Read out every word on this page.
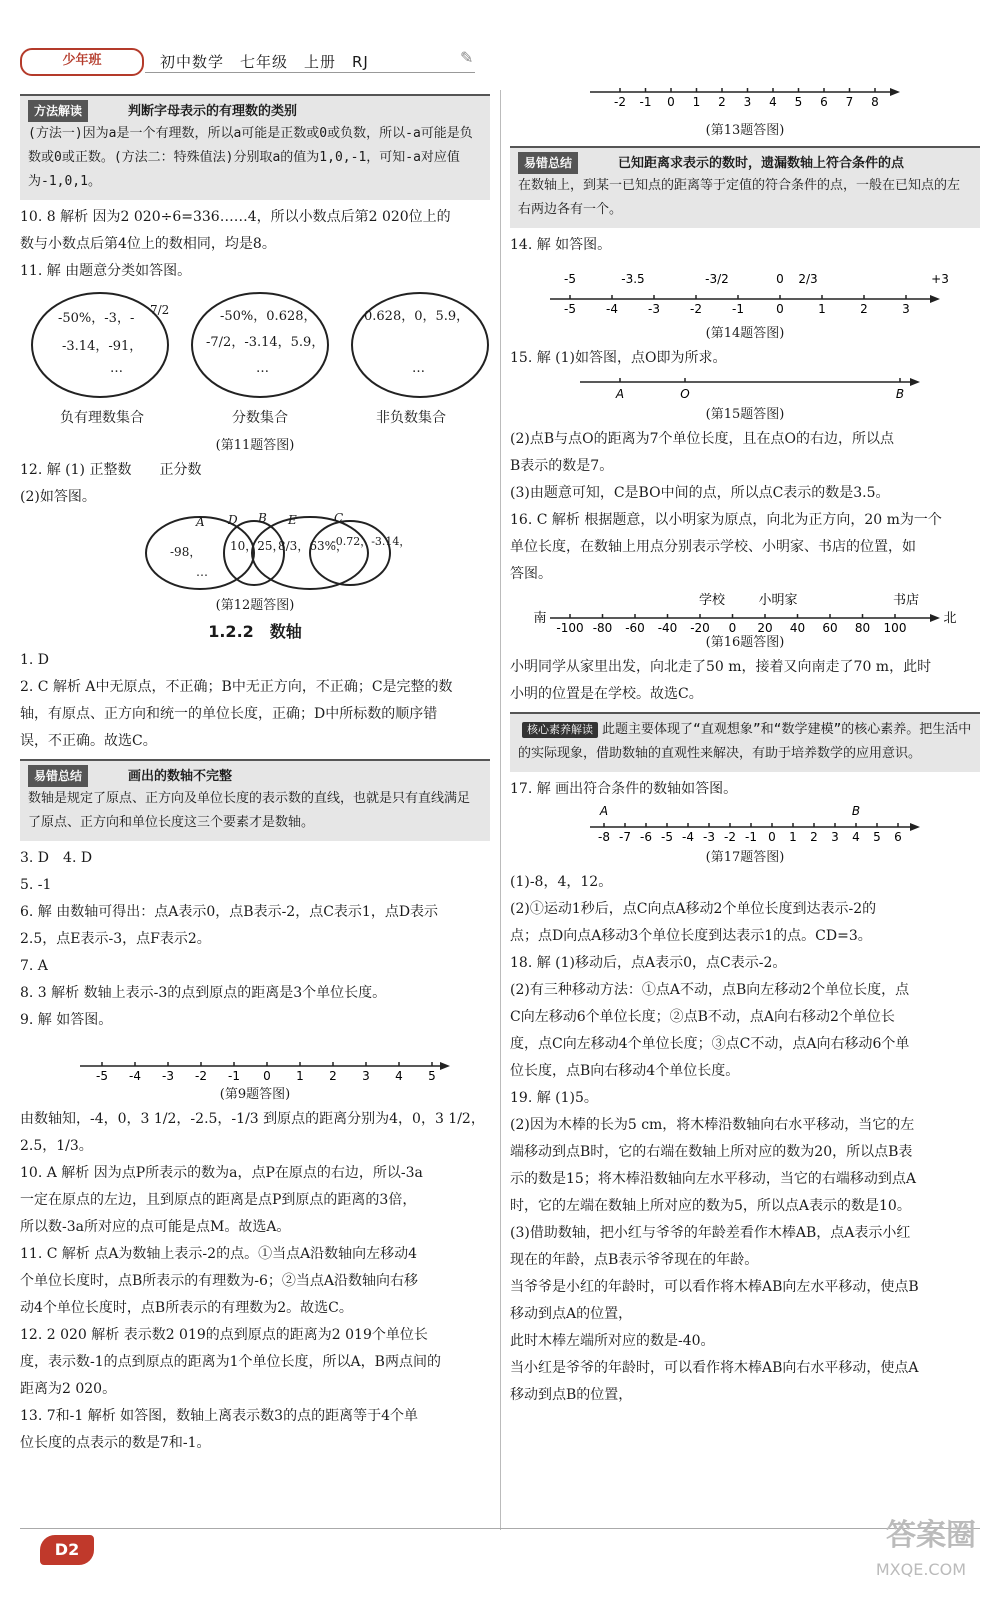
少年班	初中数学　七年级　上册　RJ	✎
方法解读	判断字母表示的有理数的类别
(方法一)因为a是一个有理数，所以a可能是正数或0或负数，所以-a可能是负数或0或正数。(方法二：特殊值法)分别取a的值为1,0,-1，可知-a对应值为-1,0,1。
10. 8 解析 因为2 020÷6=336……4，所以小数点后第2 020位上的
数与小数点后第4位上的数相同，均是8。
11. 解 由题意分类如答图。
-50%，-3，-
7/2
-3.14，-91，
…
-50%，0.628，
-7/2，-3.14，5.9，
…
0.628，0，5.9，
…
负有理数集合	分数集合	非负数集合
(第11题答图)
12. 解 (1) 正整数　　正分数
(2)如答图。
A D B E	C
-98， 10，25，
8/3，63%，
-0.72，-3.14，
…
(第12题答图)
1.2.2　数轴
1. D
2. C 解析 A中无原点，不正确；B中无正方向，不正确；C是完整的数
轴，有原点、正方向和统一的单位长度，正确；D中所标数的顺序错
误，不正确。故选C。
易错总结	画出的数轴不完整
数轴是规定了原点、正方向及单位长度的表示数的直线，也就是只有直线满足了原点、正方向和单位长度这三个要素才是数轴。
3. D　4. D
5. -1
6. 解 由数轴可得出：点A表示0，点B表示-2，点C表示1，点D表示
2.5，点E表示-3，点F表示2。
7. A
8. 3 解析 数轴上表示-3的点到原点的距离是3个单位长度。
9. 解 如答图。
-5 -4 -3 -2 -1 0 1 2 3 4 5
(第9题答图)
由数轴知，-4，0，3 1/2，-2.5，-1/3 到原点的距离分别为4，0，3 1/2，
2.5，1/3。
10. A 解析 因为点P所表示的数为a，点P在原点的右边，所以-3a
一定在原点的左边，且到原点的距离是点P到原点的距离的3倍，
所以数-3a所对应的点可能是点M。故选A。
11. C 解析 点A为数轴上表示-2的点。①当点A沿数轴向左移动4
个单位长度时，点B所表示的有理数为-6；②当点A沿数轴向右移
动4个单位长度时，点B所表示的有理数为2。故选C。
12. 2 020 解析 表示数2 019的点到原点的距离为2 019个单位长
度，表示数-1的点到原点的距离为1个单位长度，所以A，B两点间的
距离为2 020。
13. 7和-1 解析 如答图，数轴上离表示数3的点的距离等于4个单
位长度的点表示的数是7和-1。
-2 -1 0 1 2 3 4 5 6 7 8
(第13题答图)
易错总结	已知距离求表示的数时，遗漏数轴上符合条件的点
在数轴上，到某一已知点的距离等于定值的符合条件的点，一般在已知点的左右两边各有一个。
14. 解 如答图。
-5	-4	-3	-2	-1	0	1	2	3
-5	-3.5	-3/2	0 2/3	+3
(第14题答图)
15. 解 (1)如答图，点O即为所求。
A	O	B
(第15题答图)
(2)点B与点O的距离为7个单位长度，且在点O的右边，所以点
B表示的数是7。
(3)由题意可知，C是BO中间的点，所以点C表示的数是3.5。
16. C 解析 根据题意，以小明家为原点，向北为正方向，20 m为一个
单位长度，在数轴上用点分别表示学校、小明家、书店的位置，如
答图。
南	北
学校	小明家	书店
-100 -80 -60 -40 -20 0 20 40 60 80 100
(第16题答图)
小明同学从家里出发，向北走了50 m，接着又向南走了70 m，此时
小明的位置是在学校。故选C。
核心素养解读 此题主要体现了“直观想象”和“数学建模”的核心素养。把生活中的实际现象，借助数轴的直观性来解决，有助于培养数学的应用意识。
17. 解 画出符合条件的数轴如答图。
A	B
-8 -7 -6 -5 -4 -3 -2 -1 0 1 2 3 4 5 6
(第17题答图)
(1)-8，4，12。
(2)①运动1秒后，点C向点A移动2个单位长度到达表示-2的
点；点D向点A移动3个单位长度到达表示1的点。CD=3。
18. 解 (1)移动后，点A表示0，点C表示-2。
(2)有三种移动方法：①点A不动，点B向左移动2个单位长度，点
C向左移动6个单位长度；②点B不动，点A向右移动2个单位长
度，点C向左移动4个单位长度；③点C不动，点A向右移动6个单
位长度，点B向右移动4个单位长度。
19. 解 (1)5。
(2)因为木棒的长为5 cm，将木棒沿数轴向右水平移动，当它的左
端移动到点B时，它的右端在数轴上所对应的数为20，所以点B表
示的数是15；将木棒沿数轴向左水平移动，当它的右端移动到点A
时，它的左端在数轴上所对应的数为5，所以点A表示的数是10。
(3)借助数轴，把小红与爷爷的年龄差看作木棒AB，点A表示小红
现在的年龄，点B表示爷爷现在的年龄。
当爷爷是小红的年龄时，可以看作将木棒AB向左水平移动，使点B
移动到点A的位置，
此时木棒左端所对应的数是-40。
当小红是爷爷的年龄时，可以看作将木棒AB向右水平移动，使点A
移动到点B的位置，
D2	答案圈
MXQE.COM
